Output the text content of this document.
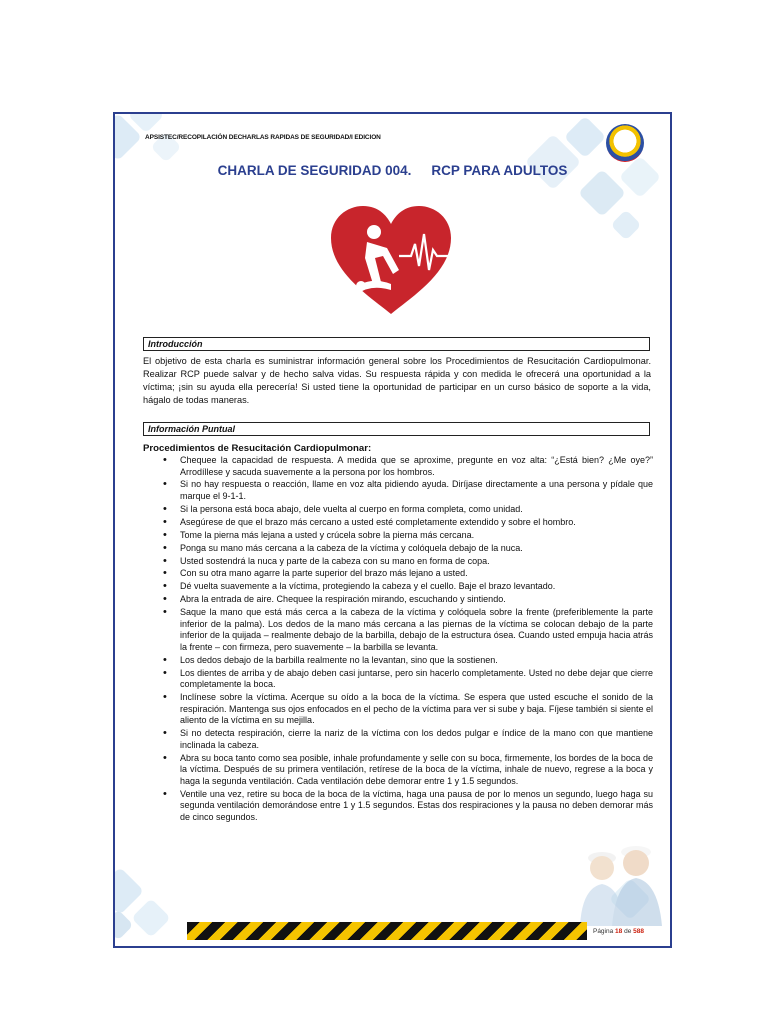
APSISTEC/RECOPILACIÓN DECHARLAS RAPIDAS DE SEGURIDAD/I EDICION
CHARLA DE SEGURIDAD 004. RCP PARA ADULTOS
Introducción
El objetivo de esta charla es suministrar información general sobre los Procedimientos de Resucitación Cardiopulmonar. Realizar RCP puede salvar y de hecho salva vidas. Su respuesta rápida y con medida le ofrecerá una oportunidad a la víctima; ¡sin su ayuda ella perecería! Si usted tiene la oportunidad de participar en un curso básico de soporte a la vida, hágalo de todas maneras.
Información Puntual
Procedimientos de Resucitación Cardiopulmonar:
• Chequee la capacidad de respuesta. A medida que se aproxime, pregunte en voz alta: “¿Está bien? ¿Me oye?” Arrodíllese y sacuda suavemente a la persona por los hombros.
• Si no hay respuesta o reacción, llame en voz alta pidiendo ayuda. Diríjase directamente a una persona y pídale que marque el 9-1-1.
• Si la persona está boca abajo, dele vuelta al cuerpo en forma completa, como unidad.
• Asegúrese de que el brazo más cercano a usted esté completamente extendido y sobre el hombro.
• Tome la pierna más lejana a usted y crúcela sobre la pierna más cercana.
• Ponga su mano más cercana a la cabeza de la víctima y colóquela debajo de la nuca.
• Usted sostendrá la nuca y parte de la cabeza con su mano en forma de copa.
• Con su otra mano agarre la parte superior del brazo más lejano a usted.
• Dé vuelta suavemente a la víctima, protegiendo la cabeza y el cuello. Baje el brazo levantado.
• Abra la entrada de aire. Chequee la respiración mirando, escuchando y sintiendo.
• Saque la mano que está más cerca a la cabeza de la víctima y colóquela sobre la frente (preferiblemente la parte inferior de la palma). Los dedos de la mano más cercana a las piernas de la víctima se colocan debajo de la parte inferior de la quijada – realmente debajo de la barbilla, debajo de la estructura ósea. Cuando usted empuja hacia atrás la frente – con firmeza, pero suavemente – la barbilla se levanta.
• Los dedos debajo de la barbilla realmente no la levantan, sino que la sostienen.
• Los dientes de arriba y de abajo deben casi juntarse, pero sin hacerlo completamente. Usted no debe dejar que cierre completamente la boca.
• Inclínese sobre la víctima. Acerque su oído a la boca de la víctima. Se espera que usted escuche el sonido de la respiración. Mantenga sus ojos enfocados en el pecho de la víctima para ver si sube y baja. Fíjese también si siente el aliento de la víctima en su mejilla.
• Si no detecta respiración, cierre la nariz de la víctima con los dedos pulgar e índice de la mano con que mantiene inclinada la cabeza.
• Abra su boca tanto como sea posible, inhale profundamente y selle con su boca, firmemente, los bordes de la boca de la víctima. Después de su primera ventilación, retírese de la boca de la víctima, inhale de nuevo, regrese a la boca y haga la segunda ventilación. Cada ventilación debe demorar entre 1 y 1.5 segundos.
• Ventile una vez, retire su boca de la boca de la víctima, haga una pausa de por lo menos un segundo, luego haga su segunda ventilación demorándose entre 1 y 1.5 segundos. Estas dos respiraciones y la pausa no deben demorar más de cinco segundos.
Página 18 de 588
